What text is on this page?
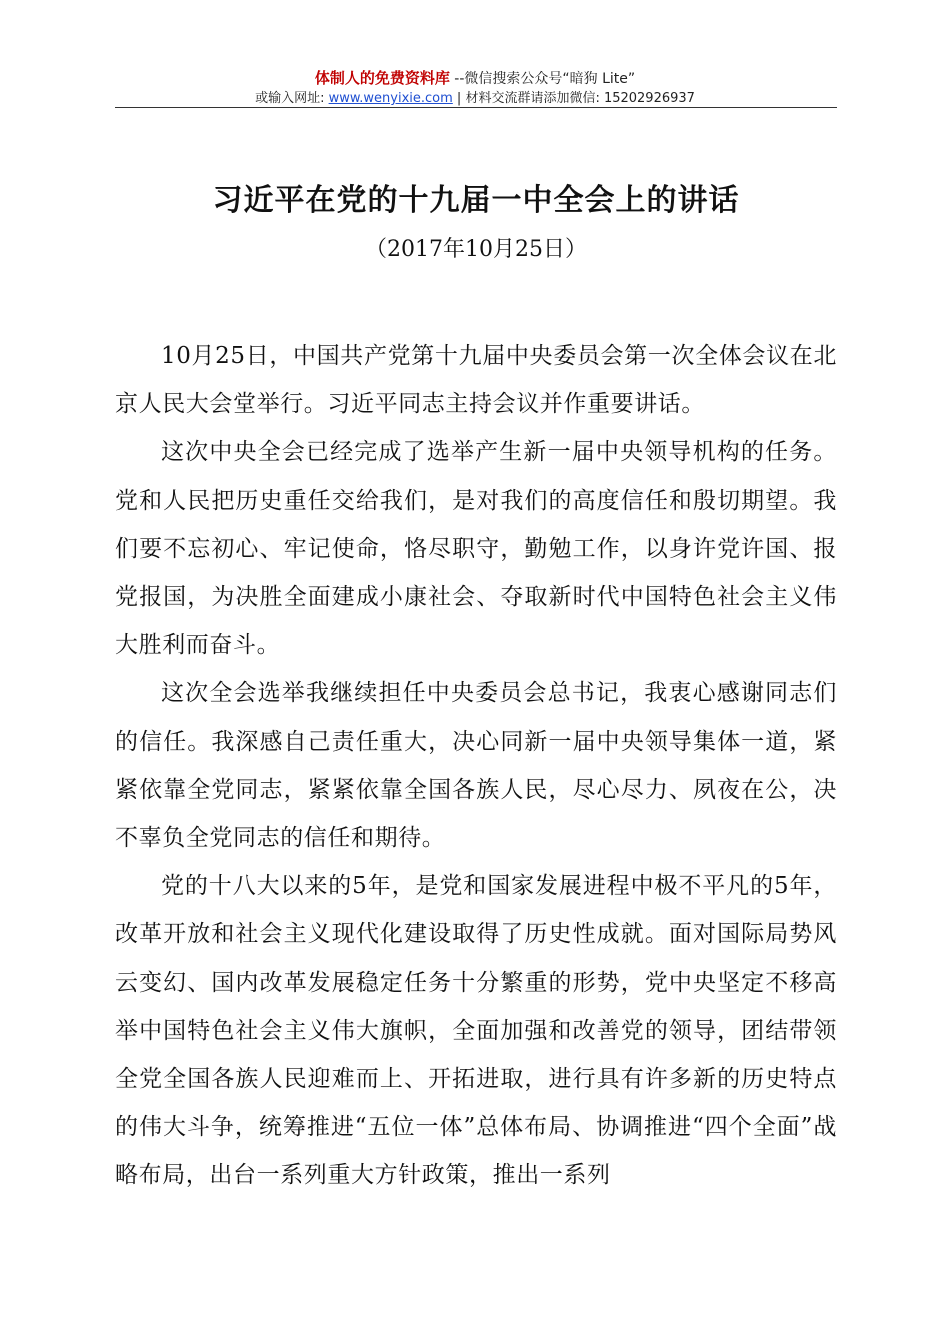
体制人的免费资料库 --微信搜索公众号“暗狗 Lite”
或输入网址: www.wenyixie.com | 材料交流群请添加微信: 15202926937
习近平在党的十九届一中全会上的讲话
（2017年10月25日）

10月25日，中国共产党第十九届中央委员会第一次全体会议在北京人民大会堂举行。习近平同志主持会议并作重要讲话。

这次中央全会已经完成了选举产生新一届中央领导机构的任务。党和人民把历史重任交给我们，是对我们的高度信任和殷切期望。我们要不忘初心、牢记使命，恪尽职守，勤勉工作，以身许党许国、报党报国，为决胜全面建成小康社会、夺取新时代中国特色社会主义伟大胜利而奋斗。

这次全会选举我继续担任中央委员会总书记，我衷心感谢同志们的信任。我深感自己责任重大，决心同新一届中央领导集体一道，紧紧依靠全党同志，紧紧依靠全国各族人民，尽心尽力、夙夜在公，决不辜负全党同志的信任和期待。

党的十八大以来的5年，是党和国家发展进程中极不平凡的5年，改革开放和社会主义现代化建设取得了历史性成就。面对国际局势风云变幻、国内改革发展稳定任务十分繁重的形势，党中央坚定不移高举中国特色社会主义伟大旗帜，全面加强和改善党的领导，团结带领全党全国各族人民迎难而上、开拓进取，进行具有许多新的历史特点的伟大斗争，统筹推进“五位一体”总体布局、协调推进“四个全面”战略布局，出台一系列重大方针政策，推出一系列
